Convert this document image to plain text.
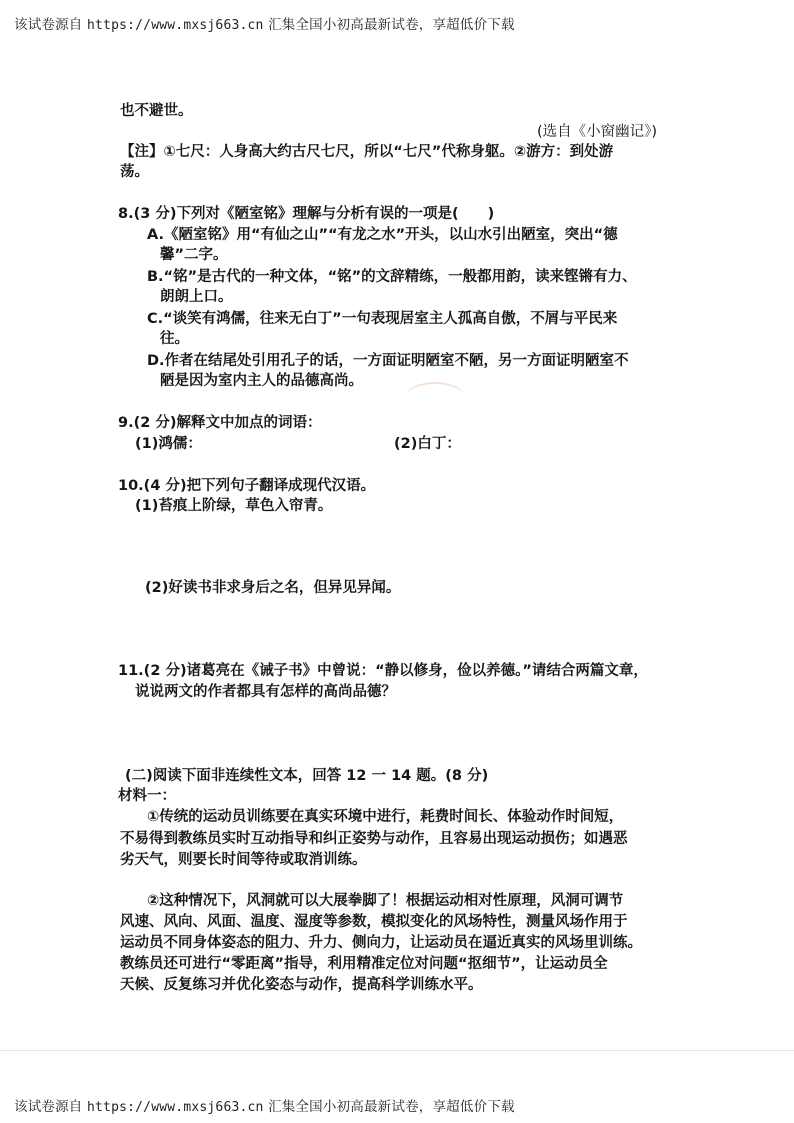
该试卷源自 https://www.mxsj663.cn 汇集全国小初高最新试卷，享超低价下载
也不避世。
(选自《小窗幽记》)
【注】①七尺：人身高大约古尺七尺，所以“七尺”代称身躯。②游方：到处游
荡。
8.(3 分)下列对《陋室铭》理解与分析有误的一项是(　　)
A.《陋室铭》用“有仙之山”“有龙之水”开头，以山水引出陋室，突出“德
馨”二字。
B.“铭”是古代的一种文体，“铭”的文辞精练，一般都用韵，读来铿锵有力、
朗朗上口。
C.“谈笑有鸿儒，往来无白丁”一句表现居室主人孤高自傲，不屑与平民来
往。
D.作者在结尾处引用孔子的话，一方面证明陋室不陋，另一方面证明陋室不
陋是因为室内主人的品德高尚。
9.(2 分)解释文中加点的词语：
(1)鸿儒：	(2)白丁：
10.(4 分)把下列句子翻译成现代汉语。
(1)苔痕上阶绿，草色入帘青。
(2)好读书非求身后之名，但异见异闻。
11.(2 分)诸葛亮在《诫子书》中曾说：“静以修身，俭以养德。”请结合两篇文章，
说说两文的作者都具有怎样的高尚品德？
(二)阅读下面非连续性文本，回答 12 一 14 题。(8 分)
材料一：
①传统的运动员训练要在真实环境中进行，耗费时间长、体验动作时间短，
不易得到教练员实时互动指导和纠正姿势与动作，且容易出现运动损伤；如遇恶
劣天气，则要长时间等待或取消训练。
②这种情况下，风洞就可以大展拳脚了！根据运动相对性原理，风洞可调节
风速、风向、风面、温度、湿度等参数，模拟变化的风场特性，测量风场作用于
运动员不同身体姿态的阻力、升力、侧向力，让运动员在逼近真实的风场里训练。
教练员还可进行“零距离”指导，利用精准定位对问题“抠细节”，让运动员全
天候、反复练习并优化姿态与动作，提高科学训练水平。
该试卷源自 https://www.mxsj663.cn 汇集全国小初高最新试卷，享超低价下载
